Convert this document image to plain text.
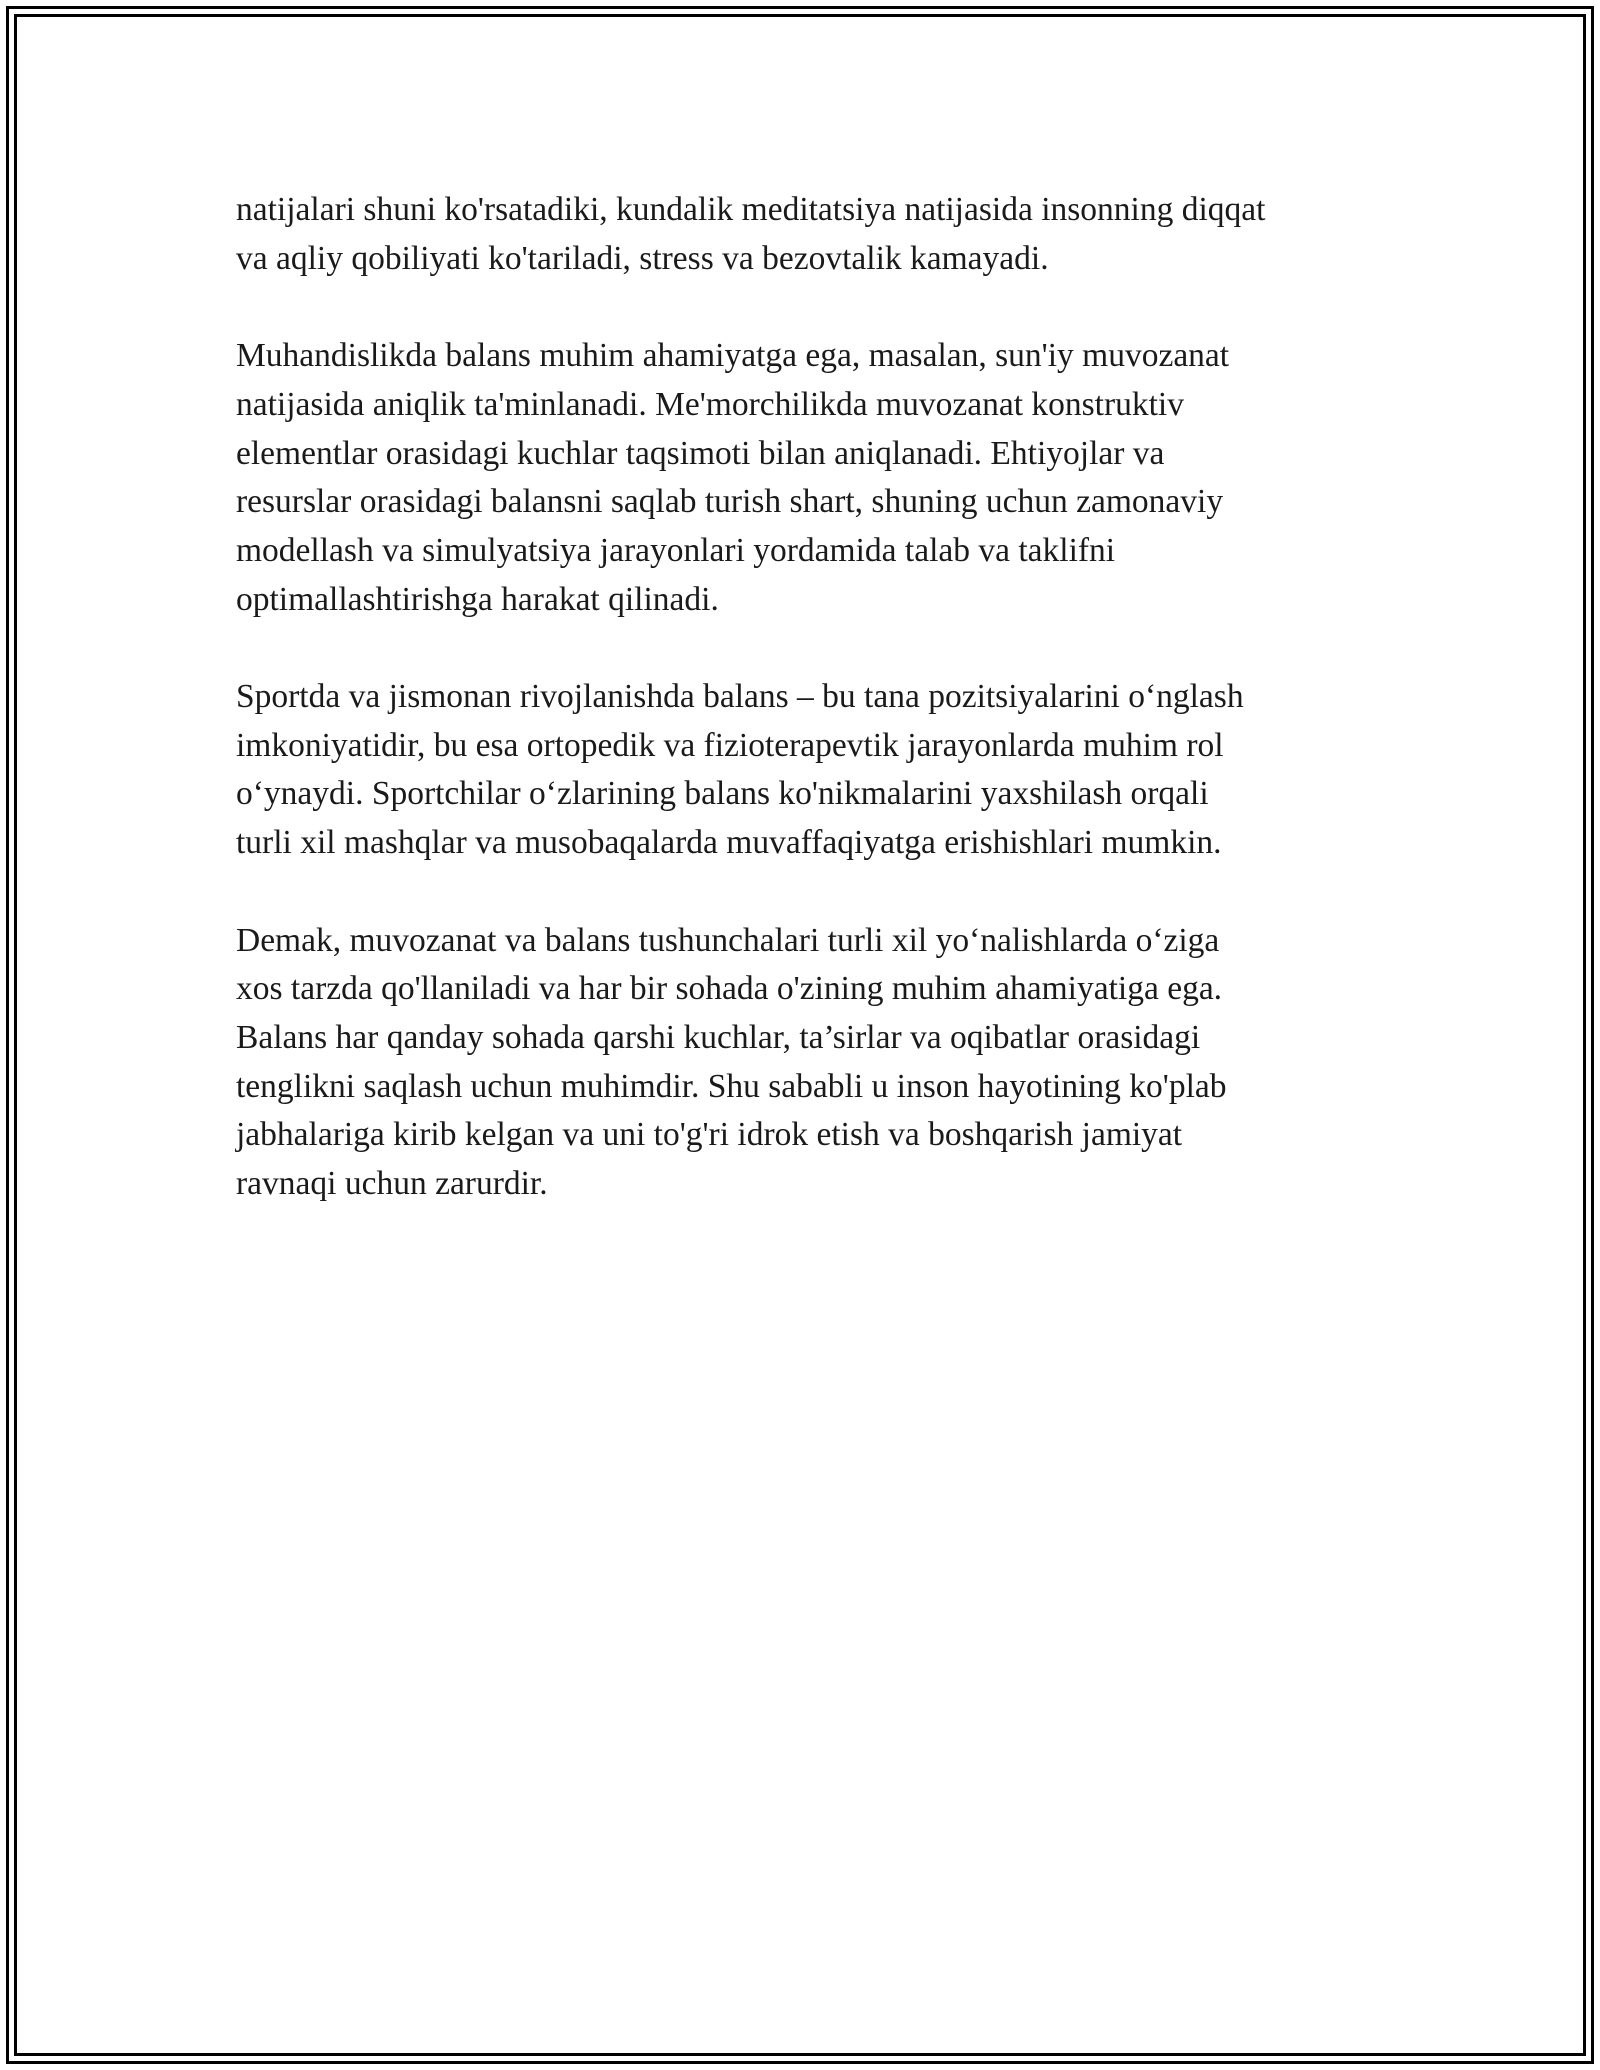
natijalari shuni ko'rsatadiki, kundalik meditatsiya natijasida insonning diqqat
va aqliy qobiliyati ko'tariladi, stress va bezovtalik kamayadi.

Muhandislikda balans muhim ahamiyatga ega, masalan, sun'iy muvozanat
natijasida aniqlik ta'minlanadi. Me'morchilikda muvozanat konstruktiv
elementlar orasidagi kuchlar taqsimoti bilan aniqlanadi. Ehtiyojlar va
resurslar orasidagi balansni saqlab turish shart, shuning uchun zamonaviy
modellash va simulyatsiya jarayonlari yordamida talab va taklifni
optimallashtirishga harakat qilinadi.

Sportda va jismonan rivojlanishda balans – bu tana pozitsiyalarini o‘nglash
imkoniyatidir, bu esa ortopedik va fizioterapevtik jarayonlarda muhim rol
o‘ynaydi. Sportchilar o‘zlarining balans ko'nikmalarini yaxshilash orqali
turli xil mashqlar va musobaqalarda muvaffaqiyatga erishishlari mumkin.

Demak, muvozanat va balans tushunchalari turli xil yo‘nalishlarda o‘ziga
xos tarzda qo'llaniladi va har bir sohada o'zining muhim ahamiyatiga ega.
Balans har qanday sohada qarshi kuchlar, ta’sirlar va oqibatlar orasidagi
tenglikni saqlash uchun muhimdir. Shu sababli u inson hayotining ko'plab
jabhalariga kirib kelgan va uni to'g'ri idrok etish va boshqarish jamiyat
ravnaqi uchun zarurdir.
